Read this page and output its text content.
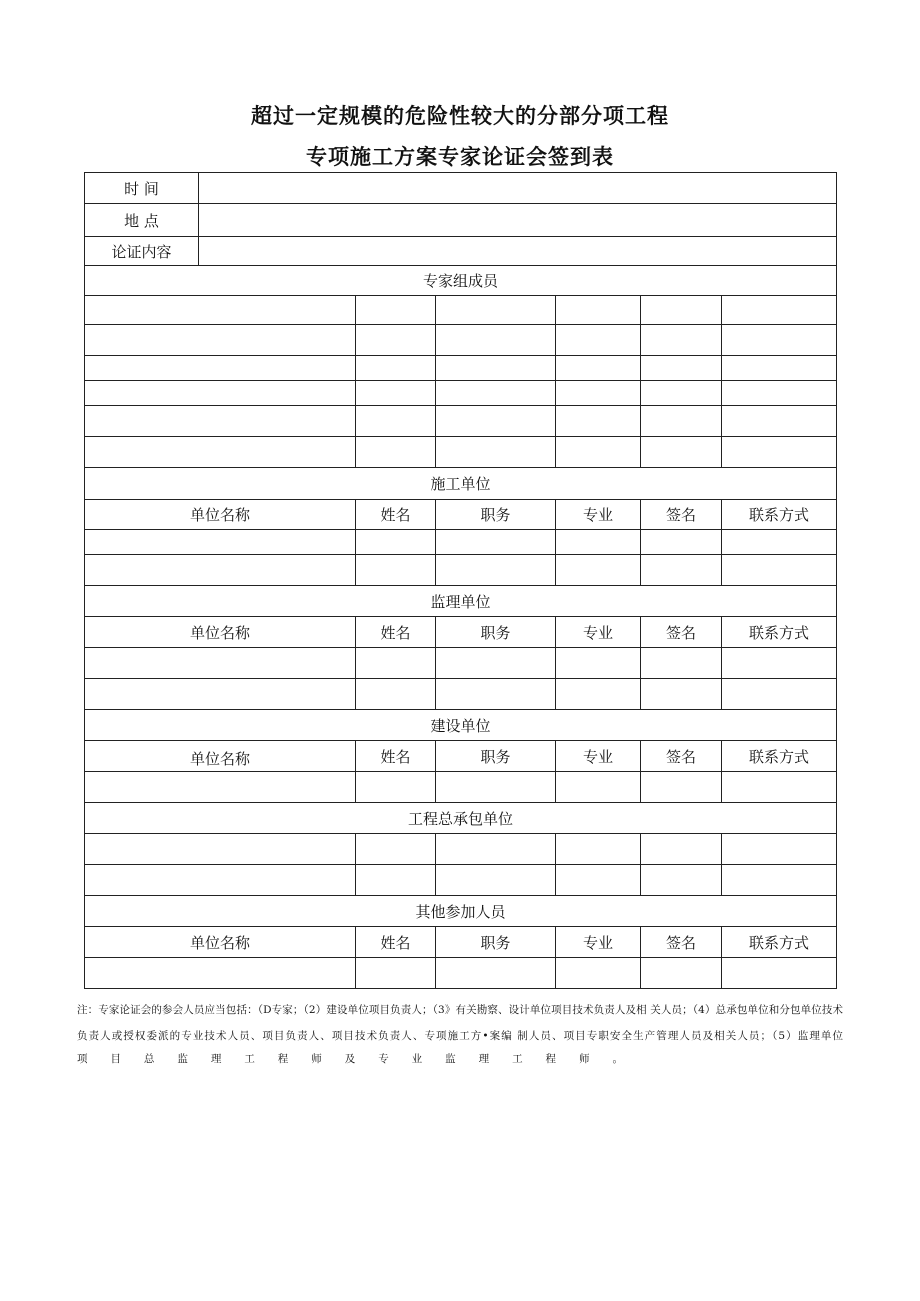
超过一定规模的危险性较大的分部分项工程
专项施工方案专家论证会签到表
时 间						
地 点						
论证内容						
专家组成员						

施工单位						
单位名称		姓名	职务	专业	签名	联系方式

监理单位						
单位名称		姓名	职务	专业	签名	联系方式

建设单位						
单位名称		姓名	职务	专业	签名	联系方式

工程总承包单位						

其他参加人员						
单位名称		姓名	职务	专业	签名	联系方式

注：专家论证会的参会人员应当包括：（D专家；（2）建设单位项目负责人；（3》有关勘察、设计单位项目技术负责人及相 关人员；（4）总承包单位和分包单位技术负责人或授权委派的专业技术人员、项目负责人、项目技术负责人、专项施工方•案编 制人员、项目专职安全生产管理人员及相关人员；（5）监理单位
项目总监理工程师及专业监理工程师。
